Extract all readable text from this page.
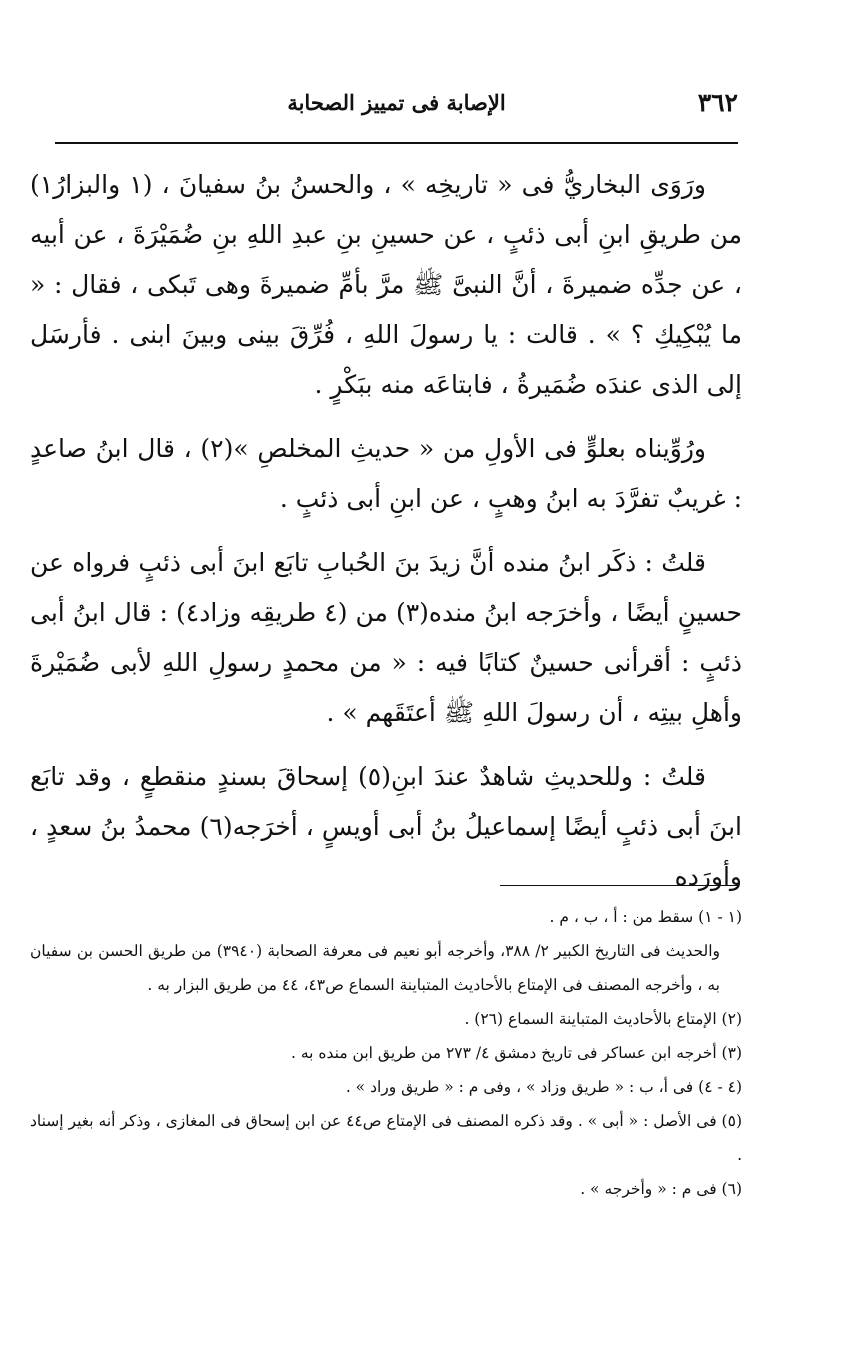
٣٦٢
الإصابة فى تمييز الصحابة

ورَوَى البخاريُّ فى « تاريخِه » ، والحسنُ بنُ سفيانَ ، (١ والبزارُ١) من طريقِ ابنِ أبى ذئبٍ ، عن حسينِ بنِ عبدِ اللهِ بنِ ضُمَيْرَةَ ، عن أبيه ، عن جدِّه ضميرةَ ، أنَّ النبىَّ ﷺ مرَّ بأمِّ ضميرةَ وهى تَبكى ، فقال : « ما يُبْكِيكِ ؟ » . قالت : يا رسولَ اللهِ ، فُرِّقَ بينى وبينَ ابنى . فأرسَل إلى الذى عندَه ضُمَيرةُ ، فابتاعَه منه ببَكْرٍ .

ورُوِّيناه بعلوٍّ فى الأولِ من « حديثِ المخلصِ »(٢) ، قال ابنُ صاعدٍ : غريبٌ تفرَّدَ به ابنُ وهبٍ ، عن ابنِ أبى ذئبٍ .

قلتُ : ذكَر ابنُ منده أنَّ زيدَ بنَ الحُبابِ تابَع ابنَ أبى ذئبٍ فرواه عن حسينٍ أيضًا ، وأخرَجه ابنُ منده(٣) من (٤ طريقِه وزاد٤) : قال ابنُ أبى ذئبٍ : أقرأنى حسينٌ كتابًا فيه : « من محمدٍ رسولِ اللهِ لأبى ضُمَيْرةَ وأهلِ بيتِه ، أن رسولَ اللهِ ﷺ أعتَقَهم » .

قلتُ : وللحديثِ شاهدٌ عندَ ابنِ(٥) إسحاقَ بسندٍ منقطعٍ ، وقد تابَع ابنَ أبى ذئبٍ أيضًا إسماعيلُ بنُ أبى أويسٍ ، أخرَجه(٦) محمدُ بنُ سعدٍ ، وأورَده

(١ - ١) سقط من : أ ، ب ، م .

والحديث فى التاريخ الكبير ٢/ ٣٨٨، وأخرجه أبو نعيم فى معرفة الصحابة (٣٩٤٠) من طريق الحسن بن سفيان به ، وأخرجه المصنف فى الإمتاع بالأحاديث المتباينة السماع ص٤٣، ٤٤ من طريق البزار به .

(٢) الإمتاع بالأحاديث المتباينة السماع (٢٦) .

(٣) أخرجه ابن عساكر فى تاريخ دمشق ٤/ ٢٧٣ من طريق ابن منده به .

(٤ - ٤) فى أ، ب : « طريق وزاد » ، وفى م : « طريق وراد » .

(٥) فى الأصل : « أبى » . وقد ذكره المصنف فى الإمتاع ص٤٤ عن ابن إسحاق فى المغازى ، وذكر أنه بغير إسناد .

(٦) فى م : « وأخرجه » .
